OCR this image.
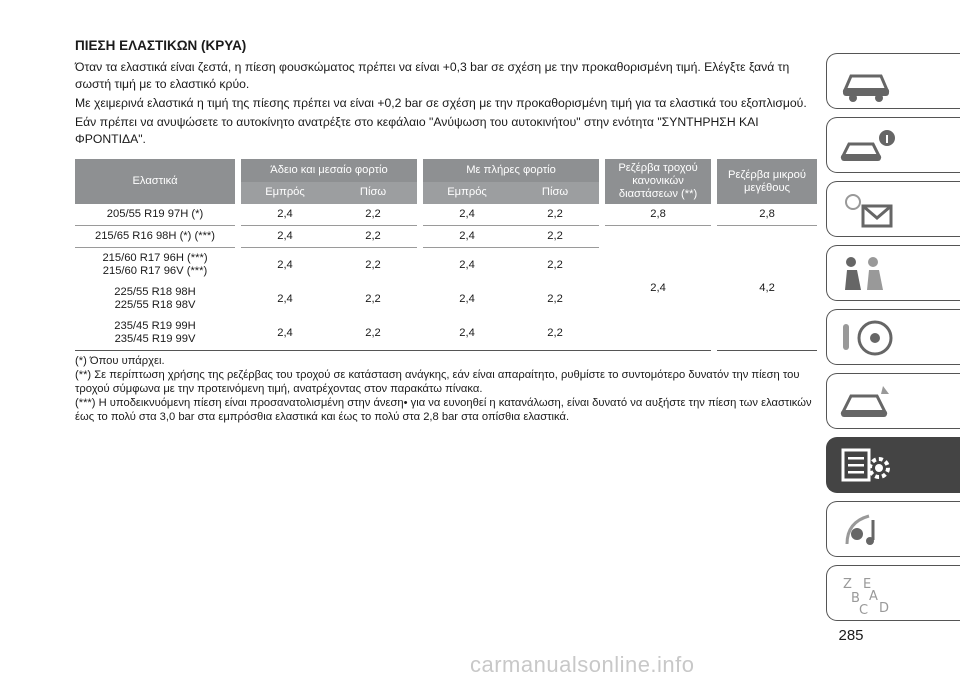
ΠΙΕΣΗ ΕΛΑΣΤΙΚΩΝ (ΚΡΥΑ)

Όταν τα ελαστικά είναι ζεστά, η πίεση φουσκώματος πρέπει να είναι +0,3 bar σε σχέση με την προκαθορισμένη τιμή. Ελέγξτε ξανά τη σωστή τιμή με το ελαστικό κρύο.

Με χειμερινά ελαστικά η τιμή της πίεσης πρέπει να είναι +0,2 bar σε σχέση με την προκαθορισμένη τιμή για τα ελαστικά του εξοπλισμού.

Εάν πρέπει να ανυψώσετε το αυτοκίνητο ανατρέξτε στο κεφάλαιο "Ανύψωση του αυτοκινήτου" στην ενότητα "ΣΥΝΤΗΡΗΣΗ ΚΑΙ ΦΡΟΝΤΙΔΑ".

Ελαστικά		Άδειο και μεσαίο φορτίο			Με πλήρες φορτίο			Ρεζέρβα τροχού κανονικών διαστάσεων (**)		Ρεζέρβα μικρού μεγέθους
		Εμπρός	Πίσω		Εμπρός	Πίσω				
205/55 R19 97H (*)		2,4	2,2		2,4	2,2		2,8		2,8
215/65 R16 98H (*) (***)		2,4	2,2		2,4	2,2		2,4		4,2
215/60 R17 96H (***)
215/60 R17 96V (***)		2,4	2,2		2,4	2,2				
225/55 R18 98H
225/55 R18 98V		2,4	2,2		2,4	2,2				
235/45 R19 99H
235/45 R19 99V		2,4	2,2		2,4	2,2				
(*) Όπου υπάρχει.
(**) Σε περίπτωση χρήσης της ρεζέρβας του τροχού σε κατάσταση ανάγκης, εάν είναι απαραίτητο, ρυθμίστε το συντομότερο δυνατόν την πίεση του τροχού σύμφωνα με την προτεινόμενη τιμή, ανατρέχοντας στον παρακάτω πίνακα.
(***) Η υποδεικνυόμενη πίεση είναι προσανατολισμένη στην άνεση• για να ευνοηθεί η κατανάλωση, είναι δυνατό να αυξήστε την πίεση των ελαστικών έως το πολύ στα 3,0 bar στα εμπρόσθια ελαστικά και έως το πολύ στα 2,8 bar στα οπίσθια ελαστικά.
Z E
B A
C D
285
carmanualsonline.info
